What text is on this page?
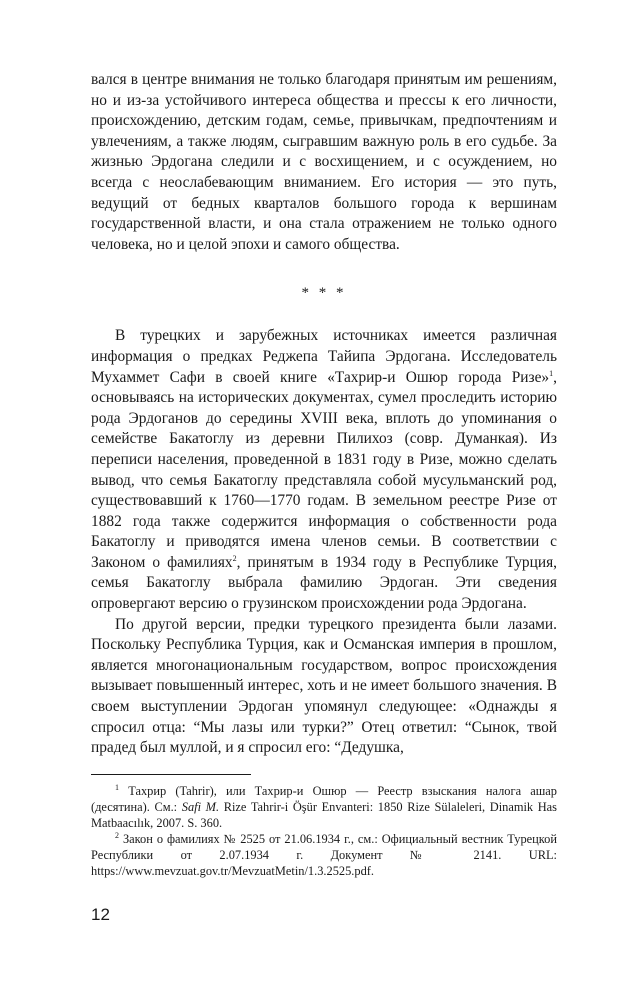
вался в центре внимания не только благодаря принятым им решениям, но и из-за устойчивого интереса общества и прессы к его личности, происхождению, детским годам, семье, привычкам, предпочтениям и увлечениям, а также людям, сыгравшим важную роль в его судьбе. За жизнью Эрдогана следили и с восхищением, и с осуждением, но всегда с неослабевающим вниманием. Его история — это путь, ведущий от бедных кварталов большого города к вершинам государственной власти, и она стала отражением не только одного человека, но и целой эпохи и самого общества.

* * *

В турецких и зарубежных источниках имеется различная информация о предках Реджепа Тайипа Эрдогана. Исследователь Мухаммет Сафи в своей книге «Тахрир-и Ошюр города Ризе»$^1$, основываясь на исторических документах, сумел проследить историю рода Эрдоганов до середины XVIII века, вплоть до упоминания о семействе Бакатоглу из деревни Пилихоз (совр. Думанкая). Из переписи населения, проведенной в 1831 году в Ризе, можно сделать вывод, что семья Бакатоглу представляла собой мусульманский род, существовавший к 1760—1770 годам. В земельном реестре Ризе от 1882 года также содержится информация о собственности рода Бакатоглу и приводятся имена членов семьи. В соответствии с Законом о фамилиях$^2$, принятым в 1934 году в Республике Турция, семья Бакатоглу выбрала фамилию Эрдоган. Эти сведения опровергают версию о грузинском происхождении рода Эрдогана.

По другой версии, предки турецкого президента были лазами. Поскольку Республика Турция, как и Османская империя в прошлом, является многонациональным государством, вопрос происхождения вызывает повышенный интерес, хоть и не имеет большого значения. В своем выступлении Эрдоган упомянул следующее: «Однажды я спросил отца: “Мы лазы или турки?” Отец ответил: “Сынок, твой прадед был муллой, и я спросил его: “Дедушка,

$^1$ Тахрир (Tahrir), или Тахрир-и Ошюр — Реестр взыскания налога ашар (десятина). См.: Safi M. Rize Tahrir-i Öşür Envanteri: 1850 Rize Sülaleleri, Dinamik Has Matbaacılık, 2007. S. 360.

$^2$ Закон о фамилиях № 2525 от 21.06.1934 г., см.: Официальный вестник Турецкой Республики от 2.07.1934 г. Документ № 2141. URL: https://www.mevzuat.gov.tr/MevzuatMetin/1.3.2525.pdf.

12
